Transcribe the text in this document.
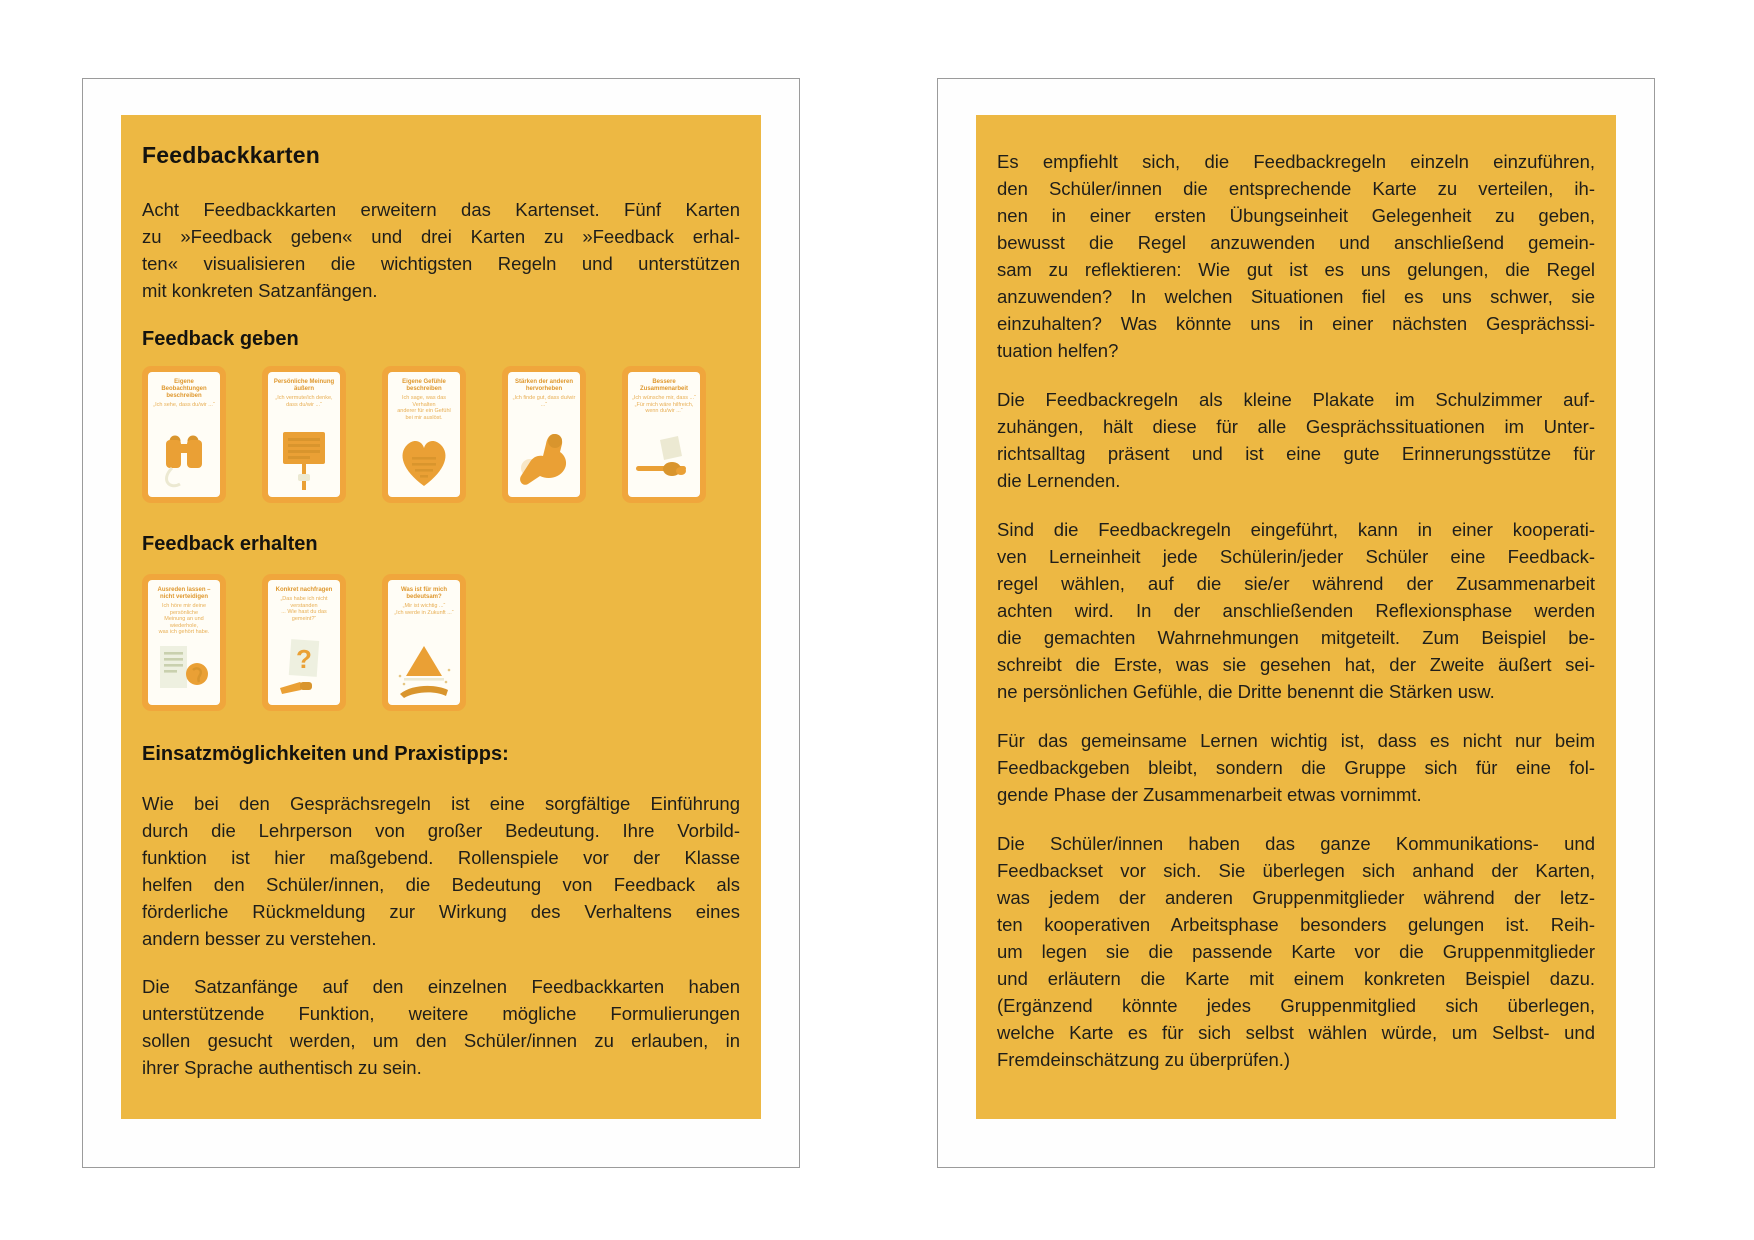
Feedbackkarten
Acht Feedbackkarten erweitern das Kartenset. Fünf Karten
zu »Feedback geben« und drei Karten zu »Feedback erhal-
ten« visualisieren die wichtigsten Regeln und unterstützen
mit konkreten Satzanfängen.
Feedback geben
Eigene Beobachtungen
beschreiben
„Ich sehe, dass du/wir ...“
Persönliche Meinung äußern
„Ich vermute/ich denke,
dass du/wir ...“
Eigene Gefühle beschreiben
Ich sage, was das Verhalten
anderer für ein Gefühl
bei mir auslöst.
Stärken der anderen
hervorheben
„Ich finde gut, dass du/wir ...“
Bessere Zusammenarbeit
„Ich wünsche mir, dass ...“
„Für mich wäre hilfreich,
wenn du/wir ...“
Feedback erhalten
Ausreden lassen –
nicht verteidigen
Ich höre mir deine persönliche
Meinung an und wiederhole,
was ich gehört habe.
Konkret nachfragen
„Das habe ich nicht verstanden
... Wie hast du das gemeint?“
?
Was ist für mich bedeutsam?
„Mir ist wichtig ...“
„Ich werde in Zukunft ...“
Einsatzmöglichkeiten und Praxistipps:
Wie bei den Gesprächsregeln ist eine sorgfältige Einführung
durch die Lehrperson von großer Bedeutung. Ihre Vorbild-
funktion ist hier maßgebend. Rollenspiele vor der Klasse
helfen den Schüler/innen, die Bedeutung von Feedback als
förderliche Rückmeldung zur Wirkung des Verhaltens eines
andern besser zu verstehen.
Die Satzanfänge auf den einzelnen Feedbackkarten haben
unterstützende Funktion, weitere mögliche Formulierungen
sollen gesucht werden, um den Schüler/innen zu erlauben, in
ihrer Sprache authentisch zu sein.
Es empfiehlt sich, die Feedbackregeln einzeln einzuführen,
den Schüler/innen die entsprechende Karte zu verteilen, ih-
nen in einer ersten Übungseinheit Gelegenheit zu geben,
bewusst die Regel anzuwenden und anschließend gemein-
sam zu reflektieren: Wie gut ist es uns gelungen, die Regel
anzuwenden? In welchen Situationen fiel es uns schwer, sie
einzuhalten? Was könnte uns in einer nächsten Gesprächssi-
tuation helfen?
Die Feedbackregeln als kleine Plakate im Schulzimmer auf-
zuhängen, hält diese für alle Gesprächssituationen im Unter-
richtsalltag präsent und ist eine gute Erinnerungsstütze für
die Lernenden.
Sind die Feedbackregeln eingeführt, kann in einer kooperati-
ven Lerneinheit jede Schülerin/jeder Schüler eine Feedback-
regel wählen, auf die sie/er während der Zusammenarbeit
achten wird. In der anschließenden Reflexionsphase werden
die gemachten Wahrnehmungen mitgeteilt. Zum Beispiel be-
schreibt die Erste, was sie gesehen hat, der Zweite äußert sei-
ne persönlichen Gefühle, die Dritte benennt die Stärken usw.
Für das gemeinsame Lernen wichtig ist, dass es nicht nur beim
Feedbackgeben bleibt, sondern die Gruppe sich für eine fol-
gende Phase der Zusammenarbeit etwas vornimmt.
Die Schüler/innen haben das ganze Kommunikations- und
Feedbackset vor sich. Sie überlegen sich anhand der Karten,
was jedem der anderen Gruppenmitglieder während der letz-
ten kooperativen Arbeitsphase besonders gelungen ist. Reih-
um legen sie die passende Karte vor die Gruppenmitglieder
und erläutern die Karte mit einem konkreten Beispiel dazu.
(Ergänzend könnte jedes Gruppenmitglied sich überlegen,
welche Karte es für sich selbst wählen würde, um Selbst- und
Fremdeinschätzung zu überprüfen.)
